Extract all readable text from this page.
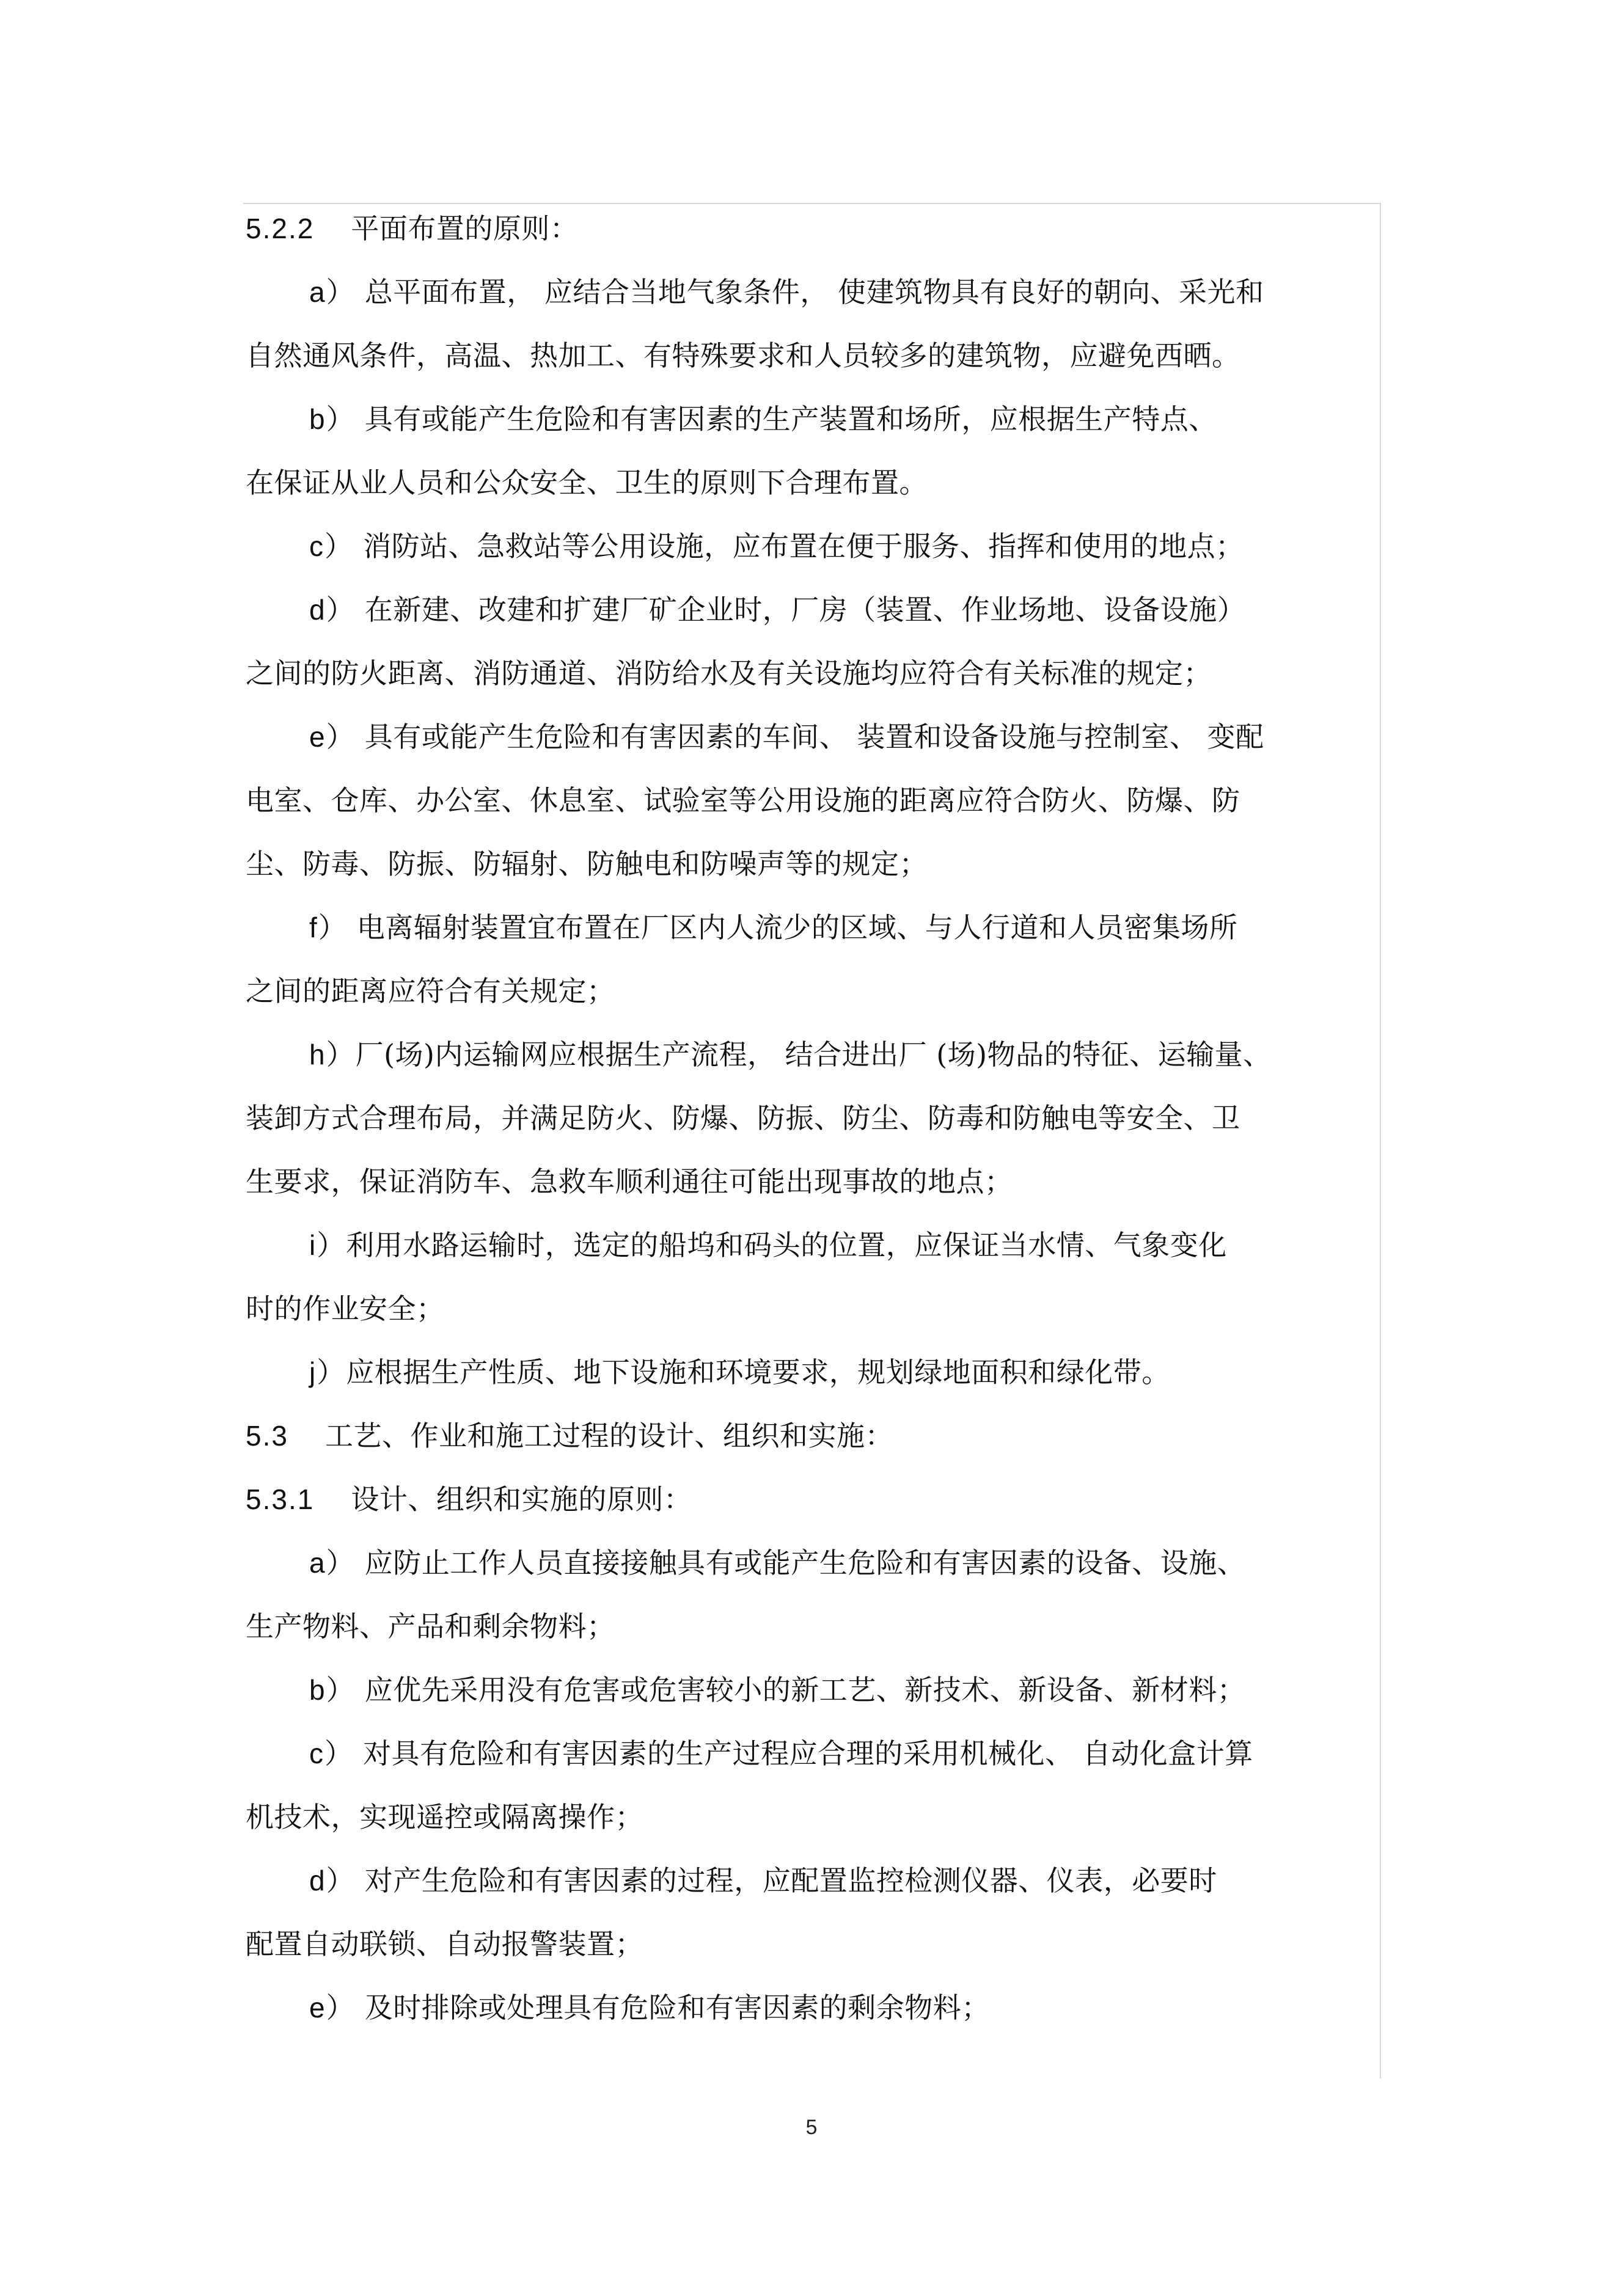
5.2.2 平面布置的原则：
a） 总平面布置， 应结合当地气象条件， 使建筑物具有良好的朝向、采光和
自然通风条件，高温、热加工、有特殊要求和人员较多的建筑物，应避免西晒。
b） 具有或能产生危险和有害因素的生产装置和场所，应根据生产特点、
在保证从业人员和公众安全、卫生的原则下合理布置。
c） 消防站、急救站等公用设施，应布置在便于服务、指挥和使用的地点；
d） 在新建、改建和扩建厂矿企业时，厂房（装置、作业场地、设备设施）
之间的防火距离、消防通道、消防给水及有关设施均应符合有关标准的规定；
e） 具有或能产生危险和有害因素的车间、 装置和设备设施与控制室、 变配
电室、仓库、办公室、休息室、试验室等公用设施的距离应符合防火、防爆、防
尘、防毒、防振、防辐射、防触电和防噪声等的规定；
f） 电离辐射装置宜布置在厂区内人流少的区域、与人行道和人员密集场所
之间的距离应符合有关规定；
h）厂(场)内运输网应根据生产流程， 结合进出厂 (场)物品的特征、运输量、
装卸方式合理布局，并满足防火、防爆、防振、防尘、防毒和防触电等安全、卫
生要求，保证消防车、急救车顺利通往可能出现事故的地点；
i）利用水路运输时，选定的船坞和码头的位置，应保证当水情、气象变化
时的作业安全；
j）应根据生产性质、地下设施和环境要求，规划绿地面积和绿化带。
5.3 工艺、作业和施工过程的设计、组织和实施：
5.3.1 设计、组织和实施的原则：
a） 应防止工作人员直接接触具有或能产生危险和有害因素的设备、设施、
生产物料、产品和剩余物料；
b） 应优先采用没有危害或危害较小的新工艺、新技术、新设备、新材料；
c） 对具有危险和有害因素的生产过程应合理的采用机械化、 自动化盒计算
机技术，实现遥控或隔离操作；
d） 对产生危险和有害因素的过程，应配置监控检测仪器、仪表，必要时
配置自动联锁、自动报警装置；
e） 及时排除或处理具有危险和有害因素的剩余物料；
5
